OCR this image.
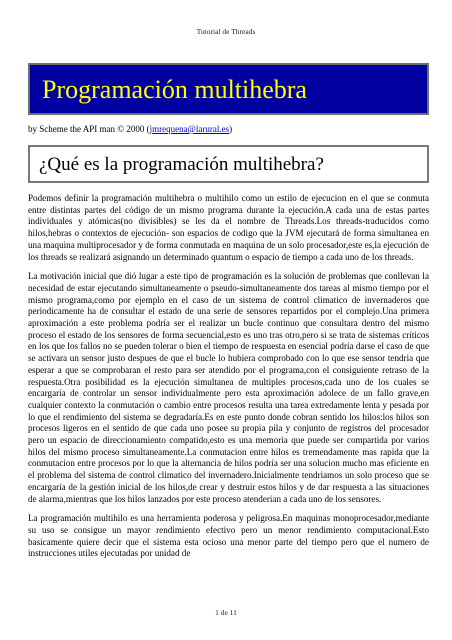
Tutorial de Threads
Programación multihebra
by Scheme the API man © 2000 (jmrequena@larural.es)
¿Qué es la programación multihebra?

Podemos definir la programación multihebra o multihilo como un estilo de ejecucion en el que se conmuta entre distintas partes del código de un mismo programa durante la ejecución.A cada una de estas partes individuales y atómicas(no divisibles) se les da el nombre de Threads.Los threads-traducidos como hilos,hebras o contextos de ejecución- son espacios de codigo que la JVM ejecutará de forma simultanea en una maquina multiprocesador y de forma conmutada en maquina de un solo procesador,este es,la ejecución de los threads se realizará asignando un determinado quantum o espacio de tiempo a cada uno de los threads.

La motivación inicial que dió lugar a este tipo de programación es la solución de problemas que conllevan la necesidad de estar ejecutando simultaneamente o pseudo-simultaneamente dos tareas al mismo tiempo por el mismo programa,como por ejemplo en el caso de un sistema de control climatico de invernaderos que periodicamente ha de consultar el estado de una serie de sensores repartidos por el complejo.Una primera aproximación a este problema podría ser el realizar un bucle continuo que consultara dentro del mismo proceso el estado de los sensores de forma secuencial,esto es uno tras otro,pero si se trata de sistemas críticos en los que los fallos no se pueden tolerar o bien el tiempo de respuesta en esencial podría darse el caso de que se activara un sensor justo despues de que el bucle lo hubiera comprobado con lo que ese sensor tendria que esperar a que se comprobaran el resto para ser atendido por el programa,con el consiguiente retraso de la respuesta.Otra posibilidad es la ejecución simultanea de multiples procesos,cada uno de los cuales se encargaría de controlar un sensor individualmente pero esta aproximación adolece de un fallo grave,en cualquier contexto la conmutación o cambio entre procesos resulta una tarea extredamente lenta y pesada por lo que el rendimiento del sistema se degradaría.Es en este punto donde cobran sentido los hilos:los hilos son procesos ligeros en el sentido de que cada uno posee su propia pila y conjunto de registros del procesador pero un espacio de direccionamiento compatido,esto es una memoria que puede ser compartida por varios hilos del mismo proceso simultaneamente.La conmutacion entre hilos es tremendamente mas rapida que la conmutacion entre procesos por lo que la alternancia de hilos podría ser una solucion mucho mas eficiente en el problema del sistema de control climatico del invernadero.Inicialmente tendriamos un solo proceso que se encargaría de la gestión inicial de los hilos,de crear y destruir estos hilos y de dar respuesta a las situaciones de alarma,mientras que los hilos lanzados por este proceso atenderian a cada uno de los sensores.

La programación multihilo es una herramienta poderosa y peligrosa.En maquinas monoprocesador,mediante su uso se consigue un mayor rendimiento efectivo pero un menor rendimiento computacional.Esto basicamente quiere decir que el sistema esta ocioso una menor parte del tiempo pero que el numero de instrucciones utiles ejecutadas por unidad de

1 de 11
